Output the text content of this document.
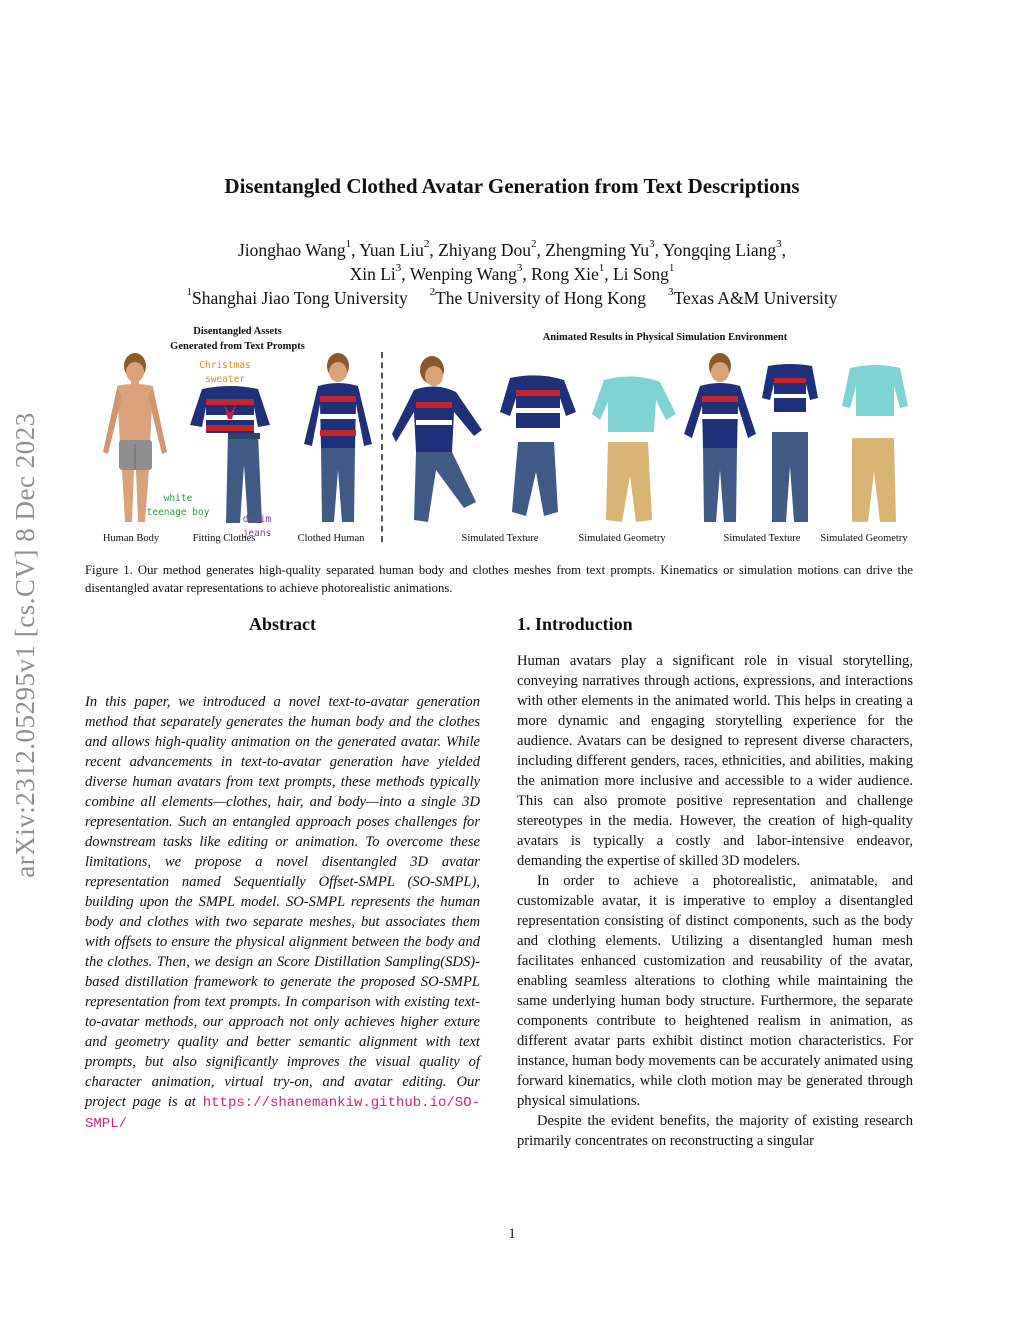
arXiv:2312.05295v1 [cs.CV] 8 Dec 2023
Disentangled Clothed Avatar Generation from Text Descriptions
Jionghao Wang$^1$, Yuan Liu$^2$, Zhiyang Dou$^2$, Zhengming Yu$^3$, Yongqing Liang$^3$,
Xin Li$^3$, Wenping Wang$^3$, Rong Xie$^1$, Li Song$^1$
$^1$Shanghai Jiao Tong University $^2$The University of Hong Kong $^3$Texas A&M University
Disentangled Assets
Generated from Text Prompts
Animated Results in Physical Simulation Environment
white
teenage boy
Christmas
sweater
denim jeans
Human Body	Fitting Clothes	Clothed Human	Simulated Texture	Simulated Geometry	Simulated Texture	Simulated Geometry
Figure 1. Our method generates high-quality separated human body and clothes meshes from text prompts. Kinematics or simulation motions can drive the disentangled avatar representations to achieve photorealistic animations.
Abstract
In this paper, we introduced a novel text-to-avatar generation method that separately generates the human body and the clothes and allows high-quality animation on the generated avatar. While recent advancements in text-to-avatar generation have yielded diverse human avatars from text prompts, these methods typically combine all elements—clothes, hair, and body—into a single 3D representation. Such an entangled approach poses challenges for downstream tasks like editing or animation. To overcome these limitations, we propose a novel disentangled 3D avatar representation named Sequentially Offset-SMPL (SO-SMPL), building upon the SMPL model. SO-SMPL represents the human body and clothes with two separate meshes, but associates them with offsets to ensure the physical alignment between the body and the clothes. Then, we design an Score Distillation Sampling(SDS)-based distillation framework to generate the proposed SO-SMPL representation from text prompts. In comparison with existing text-to-avatar methods, our approach not only achieves higher exture and geometry quality and better semantic alignment with text prompts, but also significantly improves the visual quality of character animation, virtual try-on, and avatar editing. Our project page is at https://shanemankiw.github.io/SO-SMPL/
1. Introduction

Human avatars play a significant role in visual storytelling, conveying narratives through actions, expressions, and interactions with other elements in the animated world. This helps in creating a more dynamic and engaging storytelling experience for the audience. Avatars can be designed to represent diverse characters, including different genders, races, ethnicities, and abilities, making the animation more inclusive and accessible to a wider audience. This can also promote positive representation and challenge stereotypes in the media. However, the creation of high-quality avatars is typically a costly and labor-intensive endeavor, demanding the expertise of skilled 3D modelers.

In order to achieve a photorealistic, animatable, and customizable avatar, it is imperative to employ a disentangled representation consisting of distinct components, such as the body and clothing elements. Utilizing a disentangled human mesh facilitates enhanced customization and reusability of the avatar, enabling seamless alterations to clothing while maintaining the same underlying human body structure. Furthermore, the separate components contribute to heightened realism in animation, as different avatar parts exhibit distinct motion characteristics. For instance, human body movements can be accurately animated using forward kinematics, while cloth motion may be generated through physical simulations.

Despite the evident benefits, the majority of existing research primarily concentrates on reconstructing a singular

1
